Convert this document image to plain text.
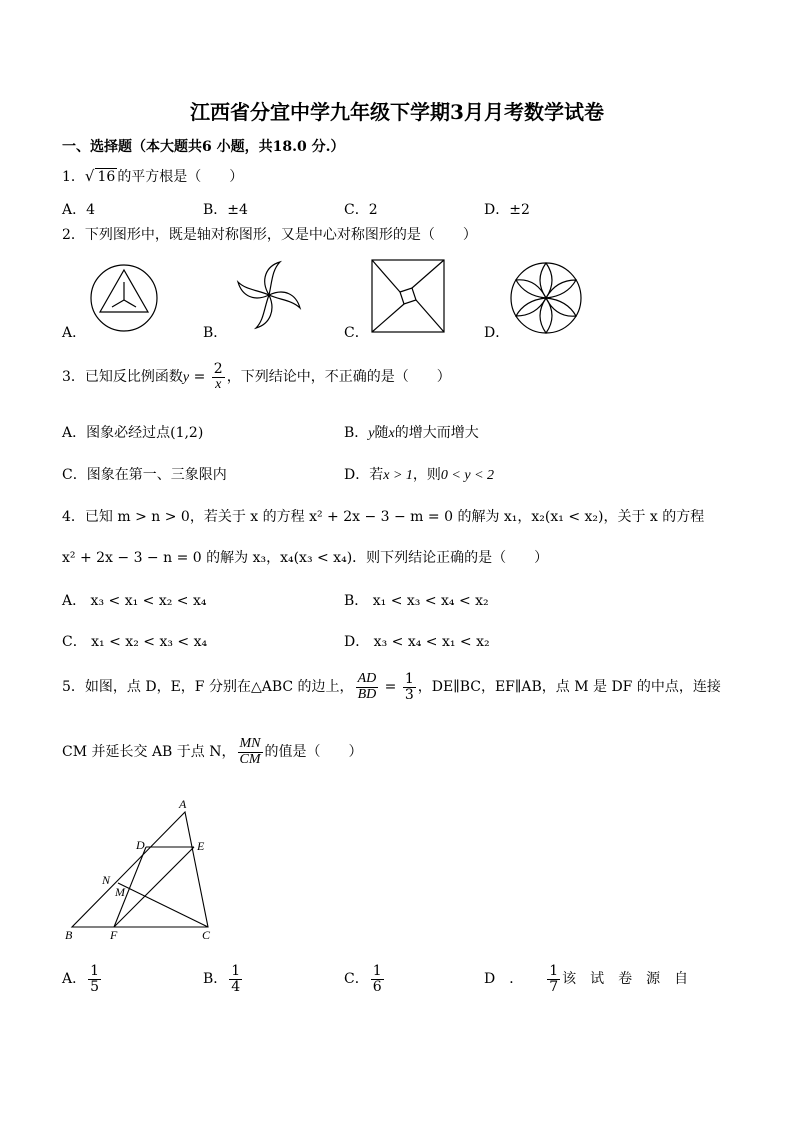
江西省分宜中学九年级下学期3月月考数学试卷
一、选择题（本大题共6 小题，共18.0 分.）
1．√ 16 的平方根是（　　）
A．4	B．±4	C．2	D．±2
2．下列图形中，既是轴对称图形，又是中心对称图形的是（　　）
A．	B．	C．	D．
3．已知反比例函数$y = \frac{2}{x}$ ，下列结论中，不正确的是（　　）
A．图象必经过点(1,2)	B．y随x的增大而增大
C．图象在第一、三象限内	D．若x > 1，则0 < y < 2
4．已知 m > n > 0，若关于 x 的方程 x² + 2x − 3 − m = 0 的解为 x₁，x₂(x₁ < x₂)，关于 x 的方程
x² + 2x − 3 − n = 0 的解为 x₃，x₄(x₃ < x₄)．则下列结论正确的是（　　）
A． x₃ < x₁ < x₂ < x₄	B． x₁ < x₃ < x₄ < x₂
C． x₁ < x₂ < x₃ < x₄	D． x₃ < x₄ < x₁ < x₂
5．如图，点 D，E，F 分别在△ABC 的边上， $\frac{AD}{BD} = \frac{1}{3}$ ，DE∥BC，EF∥AB，点 M 是 DF 的中点，连接
CM 并延长交 AB 于点 N， $\frac{MN}{CM}$ 的值是（　　）
A
D	E
N
M
B	F	C
A． $\frac{1}{5}$	B． $\frac{1}{4}$	C． $\frac{1}{6}$	D　． $\frac{1}{7}$ 该　试　卷　源　自
